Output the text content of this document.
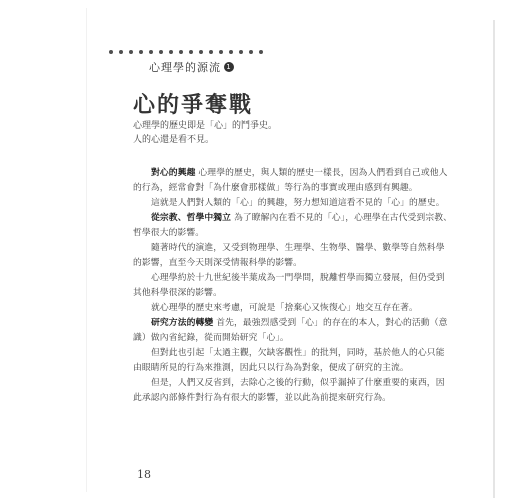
心理學的源流 1
心的爭奪戰
心理學的歷史即是「心」的鬥爭史。
人的心還是看不見。

對心的興趣 心理學的歷史，與人類的歷史一樣長，因為人們看到自己或他人的行為，經常會對「為什麼會那樣做」等行為的事實或理由感到有興趣。

這就是人們對人類的「心」的興趣，努力想知道這看不見的「心」的歷史。

從宗教、哲學中獨立 為了瞭解內在看不見的「心」，心理學在古代受到宗教、哲學很大的影響。

隨著時代的演進，又受到物理學、生理學、生物學、醫學、數學等自然科學的影響，直至今天則深受情報科學的影響。

心理學約於十九世紀後半葉成為一門學問，脫離哲學而獨立發展，但仍受到其他科學很深的影響。

就心理學的歷史來考慮，可說是「捨棄心又恢復心」地交互存在著。

研究方法的轉變 首先，最強烈感受到「心」的存在的本人，對心的活動（意識）做內省紀錄，從而開始研究「心」。

但對此也引起「太過主觀，欠缺客觀性」的批判，同時，基於他人的心只能由眼睛所見的行為來推測，因此只以行為為對象，便成了研究的主流。

但是，人們又反省到，去除心之後的行動，似乎漏掉了什麼重要的東西，因此承認內部條件對行為有很大的影響，並以此為前提來研究行為。

18
